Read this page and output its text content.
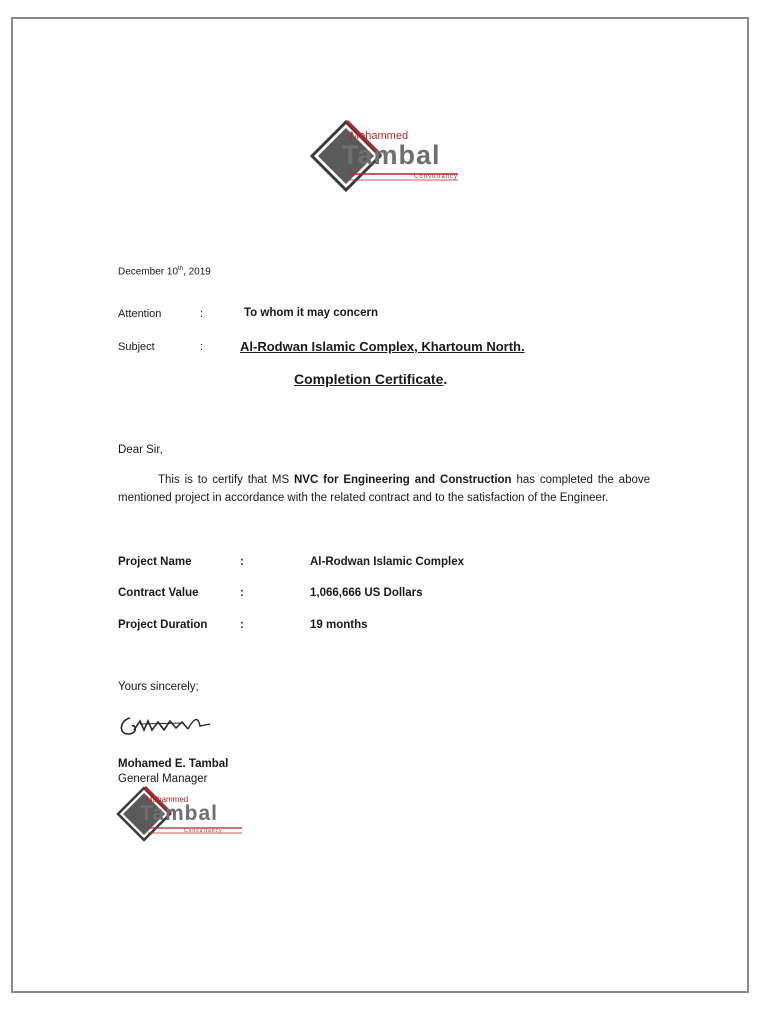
Mohammed
Tambal
Consultancy
December 10th, 2019
Attention	:	To whom it may concern
Subject	:	Al-Rodwan Islamic Complex, Khartoum North.
Completion Certificate.
Dear Sir,
This is to certify that MS NVC for Engineering and Construction has completed the above mentioned project in accordance with the related contract and to the satisfaction of the Engineer.
Project Name	:	Al-Rodwan Islamic Complex
Contract Value	:	1,066,666 US Dollars
Project Duration	:	19 months
Yours sincerely;
Mohamed E. Tambal
General Manager
Mohammed
Tambal
Consultancy
